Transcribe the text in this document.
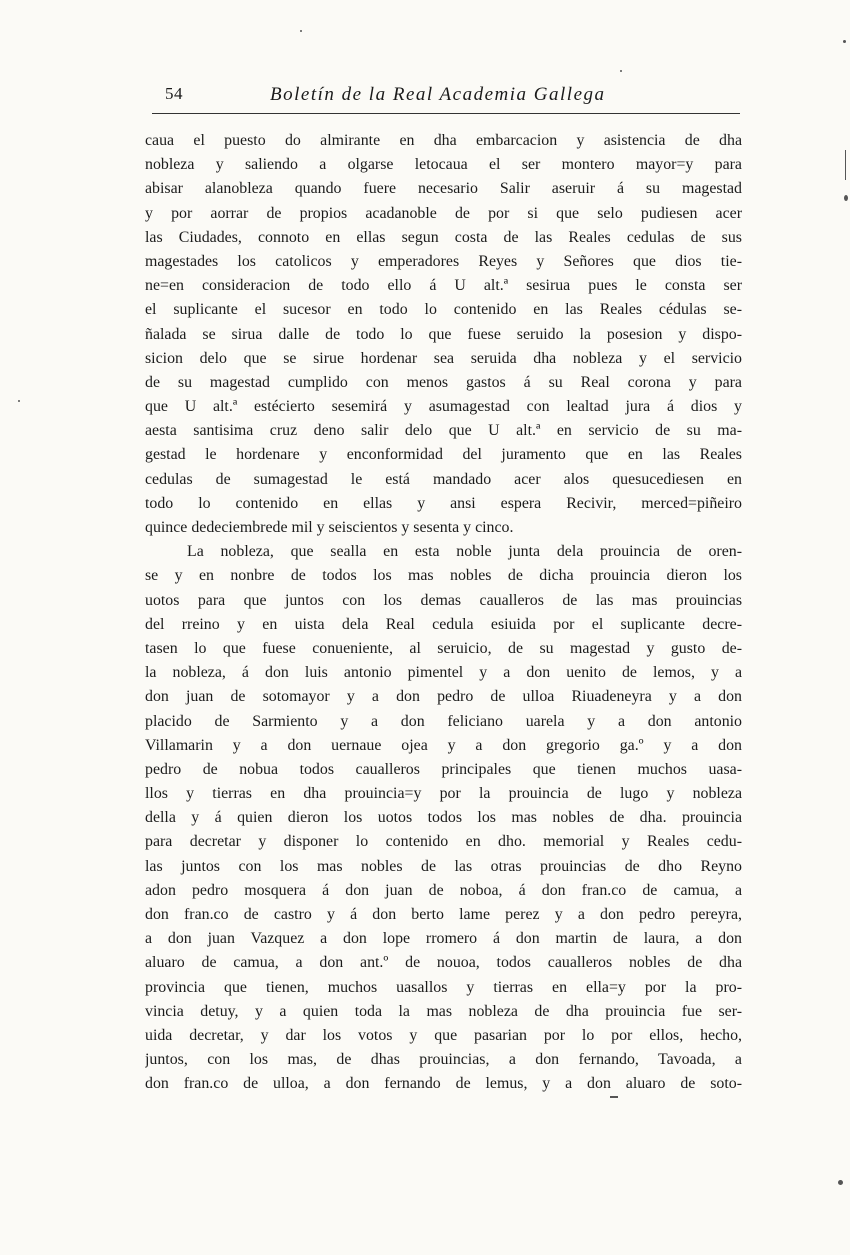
54	Boletín de la Real Academia Gallega
caua el puesto do almirante en dha embarcacion y asistencia de dha
nobleza y saliendo a olgarse letocaua el ser montero mayor=y para
abisar alanobleza quando fuere necesario Salir aseruir á su magestad
y por aorrar de propios acadanoble de por si que selo pudiesen acer
las Ciudades, connoto en ellas segun costa de las Reales cedulas de sus
magestades los catolicos y emperadores Reyes y Señores que dios tie-
ne=en consideracion de todo ello á U alt.ª sesirua pues le consta ser
el suplicante el sucesor en todo lo contenido en las Reales cédulas se-
ñalada se sirua dalle de todo lo que fuese seruido la posesion y dispo-
sicion delo que se sirue hordenar sea seruida dha nobleza y el servicio
de su magestad cumplido con menos gastos á su Real corona y para
que U alt.ª estécierto sesemirá y asumagestad con lealtad jura á dios y
aesta santisima cruz deno salir delo que U alt.ª en servicio de su ma-
gestad le hordenare y enconformidad del juramento que en las Reales
cedulas de sumagestad le está mandado acer alos quesucediesen en
todo lo contenido en ellas y ansi espera Recivir, merced=piñeiro
quince dedeciembrede mil y seiscientos y sesenta y cinco.
La nobleza, que sealla en esta noble junta dela prouincia de oren-
se y en nonbre de todos los mas nobles de dicha prouincia dieron los
uotos para que juntos con los demas caualleros de las mas prouincias
del rreino y en uista dela Real cedula esiuida por el suplicante decre-
tasen lo que fuese conueniente, al seruicio, de su magestad y gusto de-
la nobleza, á don luis antonio pimentel y a don uenito de lemos, y a
don juan de sotomayor y a don pedro de ulloa Riuadeneyra y a don
placido de Sarmiento y a don feliciano uarela y a don antonio
Villamarin y a don uernaue ojea y a don gregorio ga.º y a don
pedro de nobua todos caualleros principales que tienen muchos uasa-
llos y tierras en dha prouincia=y por la prouincia de lugo y nobleza
della y á quien dieron los uotos todos los mas nobles de dha. prouincia
para decretar y disponer lo contenido en dho. memorial y Reales cedu-
las juntos con los mas nobles de las otras prouincias de dho Reyno
adon pedro mosquera á don juan de noboa, á don fran.co de camua, a
don fran.co de castro y á don berto lame perez y a don pedro pereyra,
a don juan Vazquez a don lope rromero á don martin de laura, a don
aluaro de camua, a don ant.º de nouoa, todos caualleros nobles de dha
provincia que tienen, muchos uasallos y tierras en ella=y por la pro-
vincia detuy, y a quien toda la mas nobleza de dha prouincia fue ser-
uida decretar, y dar los votos y que pasarian por lo por ellos, hecho,
juntos, con los mas, de dhas prouincias, a don fernando, Tavoada, a
don fran.co de ulloa, a don fernando de lemus, y a don aluaro de soto-
